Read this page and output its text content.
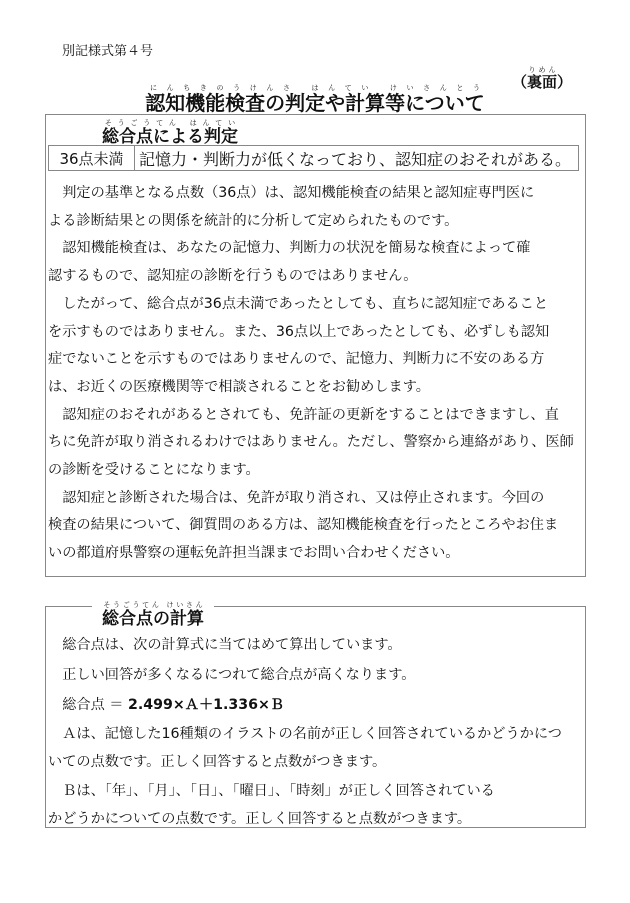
別記様式第４号
（裏面りめん）
認知機能検査の判定や計算等についてにんちきのうけんさ はんてい けいさんとう
総合点による判定そうごうてん はんてい
36点未満 記憶力・判断力が低くなっており、認知症のおそれがある。
判定の基準となる点数（36点）は、認知機能検査の結果と認知症専門医に
よる診断結果との関係を統計的に分析して定められたものです。
認知機能検査は、あなたの記憶力、判断力の状況を簡易な検査によって確
認するもので、認知症の診断を行うものではありません。
したがって、総合点が36点未満であったとしても、直ちに認知症であること
を示すものではありません。また、36点以上であったとしても、必ずしも認知
症でないことを示すものではありませんので、記憶力、判断力に不安のある方
は、お近くの医療機関等で相談されることをお勧めします。
認知症のおそれがあるとされても、免許証の更新をすることはできますし、直
ちに免許が取り消されるわけではありません。ただし、警察から連絡があり、医師
の診断を受けることになります。
認知症と診断された場合は、免許が取り消され、又は停止されます。今回の
検査の結果について、御質問のある方は、認知機能検査を行ったところやお住ま
いの都道府県警察の運転免許担当課までお問い合わせください。
総合点の計算そうごうてん けいさん
総合点は、次の計算式に当てはめて算出しています。
正しい回答が多くなるにつれて総合点が高くなります。
総合点 ＝ 2.499×Ａ＋1.336×Ｂ
Ａは、記憶した16種類のイラストの名前が正しく回答されているかどうかにつ
いての点数です。正しく回答すると点数がつきます。
Ｂは、「年」、「月」、「日」、「曜日」、「時刻」が正しく回答されている
かどうかについての点数です。正しく回答すると点数がつきます。
